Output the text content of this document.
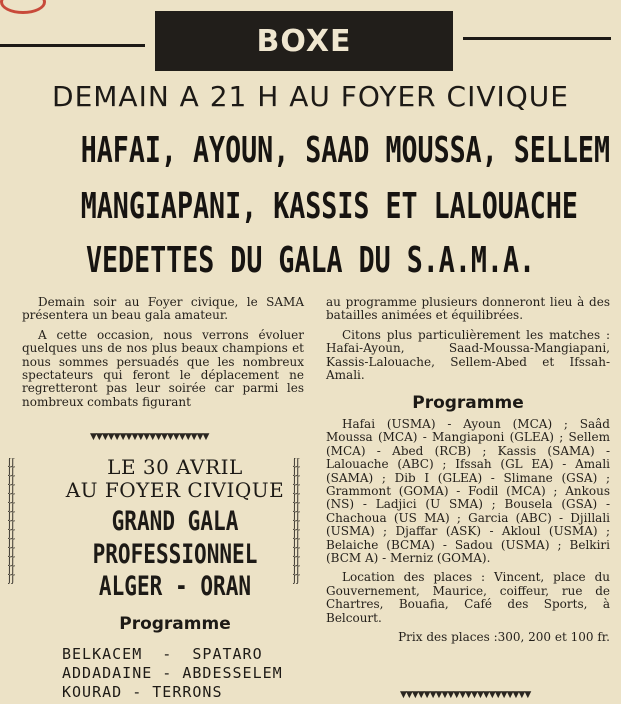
BOXE
DEMAIN A 21 H AU FOYER CIVIQUE
HAFAI, AYOUN, SAAD MOUSSA, SELLEM
MANGIAPANI, KASSIS ET LALOUACHE
VEDETTES DU GALA DU S.A.M.A.

Demain soir au Foyer civique, le SAMA présentera un beau gala amateur.

A cette occasion, nous verrons évoluer quelques uns de nos plus beaux champions et nous sommes persuadés que les nombreux spectateurs qui feront le déplacement ne regretteront pas leur soirée car parmi les nombreux combats figurant

▼▼▼▼▼▼▼▼▼▼▼▼▼▼▼▼▼▼▼▼
ʃʃʃʃʃʃʃʃʃʃʃʃʃʃʃʃʃʃʃʃʃʃʃʃʃʃʃʃ
ʃʃʃʃʃʃʃʃʃʃʃʃʃʃʃʃʃʃʃʃʃʃʃʃʃʃʃʃ
LE 30 AVRIL
AU FOYER CIVIQUE
GRAND GALA
PROFESSIONNEL
ALGER - ORAN
Programme
BELKACEM  -  SPATARO
ADDADAINE - ABDESSELEM
KOURAD - TERRONS

au programme plusieurs donneront lieu à des batailles animées et équilibrées.

Citons plus particulièrement les matches : Hafai-Ayoun, Saad-Moussa-Mangiapani, Kassis-Lalouache, Sellem-Abed et Ifssah-Amali.

Programme

Hafai (USMA) - Ayoun (MCA) ; Saâd Moussa (MCA) - Mangiaponi (GLEA) ; Sellem (MCA) - Abed (RCB) ; Kassis (SAMA) - Lalouache (ABC) ; Ifssah (GL EA) - Amali (SAMA) ; Dib I (GLEA) - Slimane (GSA) ; Grammont (GOMA) - Fodil (MCA) ; Ankous (NS) - Ladjici (U SMA) ; Bousela (GSA) - Chachoua (US MA) ; Garcia (ABC) - Djillali (USMA) ; Djaffar (ASK) - Akloul (USMA) ; Belaiche (BCMA) - Sadou (USMA) ; Belkiri (BCM A) - Merniz (GOMA).

Location des places : Vincent, place du Gouvernement, Maurice, coiffeur, rue de Chartres, Bouafia, Café des Sports, à Belcourt.

Prix des places :300, 200 et 100 fr.

▼▼▼▼▼▼▼▼▼▼▼▼▼▼▼▼▼▼▼▼▼▼
